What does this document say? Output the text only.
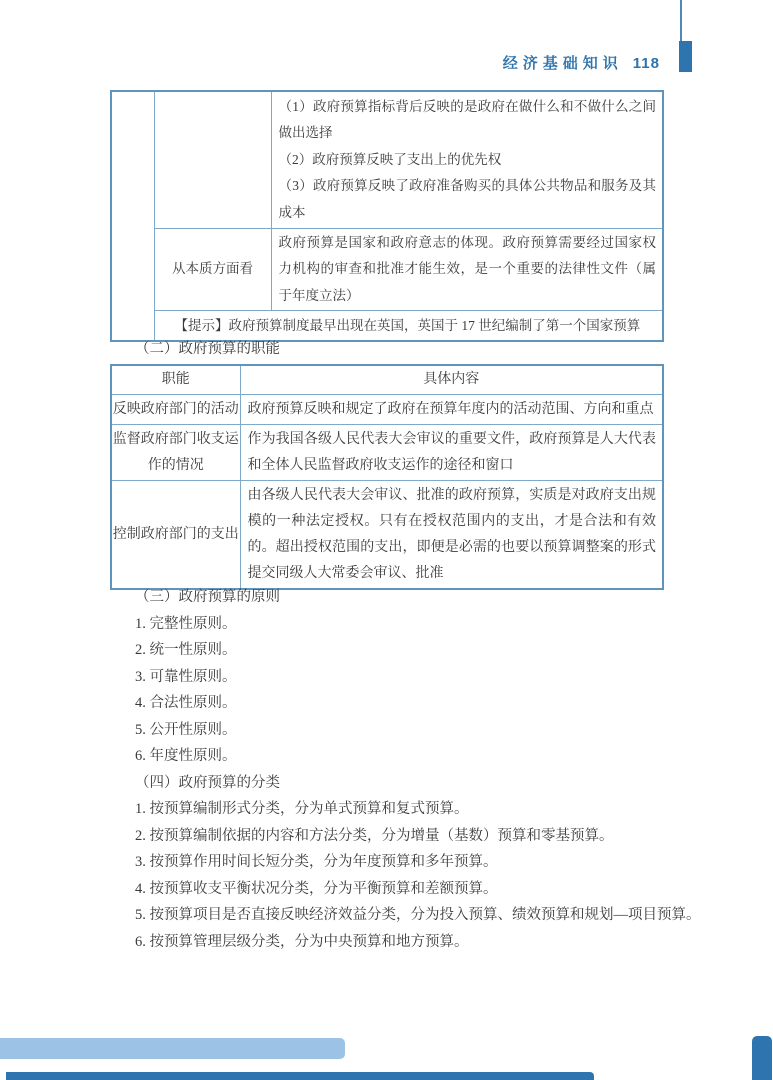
经济基础知识 118

		（1）政府预算指标背后反映的是政府在做什么和不做什么之间做出选择

（2）政府预算反映了支出上的优先权

（3）政府预算反映了政府准备购买的具体公共物品和服务及其成本

	从本质方面看	政府预算是国家和政府意志的体现。政府预算需要经过国家权力机构的审查和批准才能生效，是一个重要的法律性文件（属于年度立法）
	【提示】政府预算制度最早出现在英国，英国于 17 世纪编制了第一个国家预算	
（二）政府预算的职能
职能	具体内容
反映政府部门的活动	政府预算反映和规定了政府在预算年度内的活动范围、方向和重点
监督政府部门收支运作的情况	作为我国各级人民代表大会审议的重要文件，政府预算是人大代表和全体人民监督政府收支运作的途径和窗口
控制政府部门的支出	由各级人民代表大会审议、批准的政府预算，实质是对政府支出规模的一种法定授权。只有在授权范围内的支出，才是合法和有效的。超出授权范围的支出，即便是必需的也要以预算调整案的形式提交同级人大常委会审议、批准
（三）政府预算的原则
1. 完整性原则。
2. 统一性原则。
3. 可靠性原则。
4. 合法性原则。
5. 公开性原则。
6. 年度性原则。
（四）政府预算的分类
1. 按预算编制形式分类，分为单式预算和复式预算。
2. 按预算编制依据的内容和方法分类，分为增量（基数）预算和零基预算。
3. 按预算作用时间长短分类，分为年度预算和多年预算。
4. 按预算收支平衡状况分类，分为平衡预算和差额预算。
5. 按预算项目是否直接反映经济效益分类，分为投入预算、绩效预算和规划—项目预算。
6. 按预算管理层级分类，分为中央预算和地方预算。
